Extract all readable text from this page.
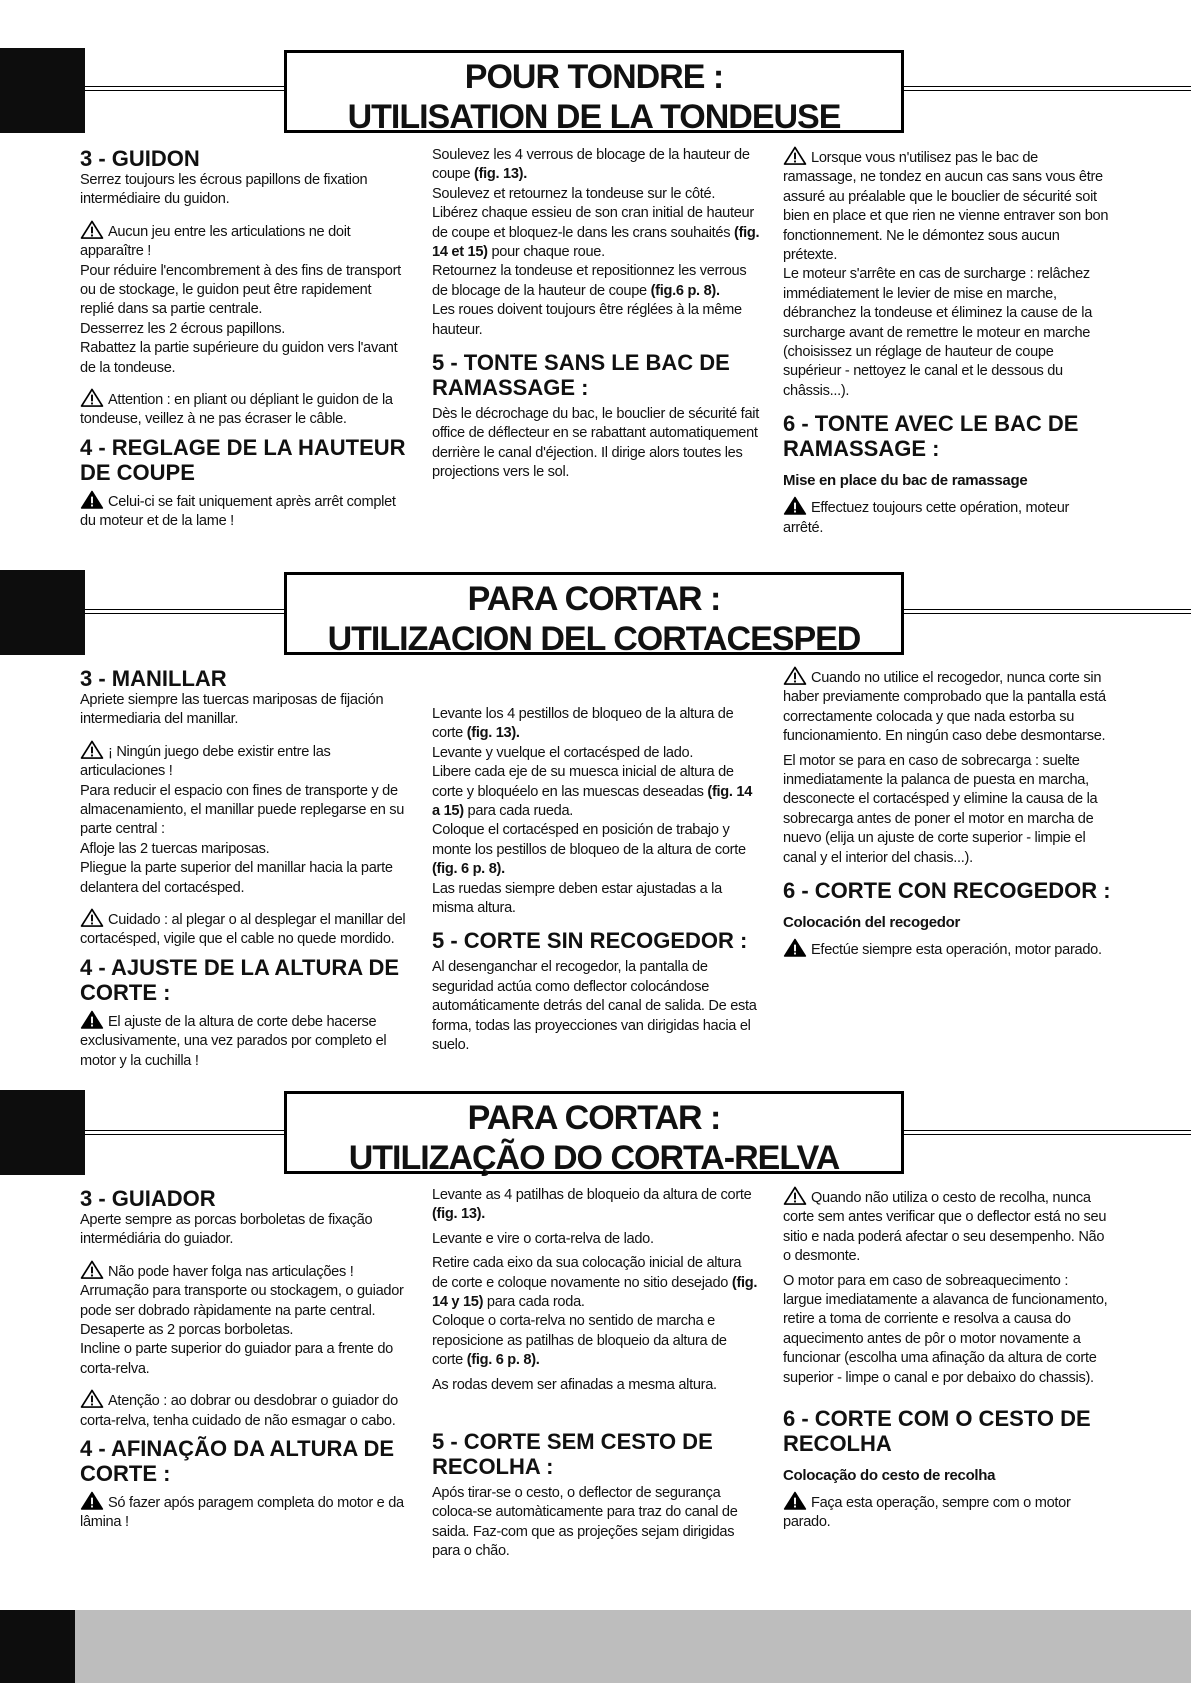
POUR TONDRE :
UTILISATION DE LA TONDEUSE
3 - GUIDON

Serrez toujours les écrous papillons de fixation intermédiaire du guidon.

Aucun jeu entre les articulations ne doit apparaître !

Pour réduire l'encombrement à des fins de transport ou de stockage, le guidon peut être rapidement replié dans sa partie centrale.

Desserrez les 2 écrous papillons.

Rabattez la partie supérieure du guidon vers l'avant de la tondeuse.

Attention : en pliant ou dépliant le guidon de la tondeuse, veillez à ne pas écraser le câble.

4 - REGLAGE DE LA HAUTEUR DE COUPE

Celui-ci se fait uniquement après arrêt complet du moteur et de la lame !

Soulevez les 4 verrous de blocage de la hauteur de coupe (fig. 13).

Soulevez et retournez la tondeuse sur le côté.

Libérez chaque essieu de son cran initial de hauteur de coupe et bloquez-le dans les crans souhaités (fig. 14 et 15) pour chaque roue.

Retournez la tondeuse et repositionnez les verrous de blocage de la hauteur de coupe (fig.6 p. 8).

Les roues doivent toujours être réglées à la même hauteur.

5 - TONTE SANS LE BAC DE RAMASSAGE :

Dès le décrochage du bac, le bouclier de sécurité fait office de déflecteur en se rabattant automatiquement derrière le canal d'éjection. Il dirige alors toutes les projections vers le sol.

Lorsque vous n'utilisez pas le bac de ramassage, ne tondez en aucun cas sans vous être assuré au préalable que le bouclier de sécurité soit bien en place et que rien ne vienne entraver son bon fonctionnement. Ne le démontez sous aucun prétexte.

Le moteur s'arrête en cas de surcharge : relâchez immédiatement le levier de mise en marche, débranchez la tondeuse et éliminez la cause de la surcharge avant de remettre le moteur en marche (choisissez un réglage de hauteur de coupe supérieur - nettoyez le canal et le dessous du châssis...).

6 - TONTE AVEC LE BAC DE RAMASSAGE :
Mise en place du bac de ramassage

Effectuez toujours cette opération, moteur arrêté.

PARA CORTAR :
UTILIZACION DEL CORTACESPED
3 - MANILLAR

Apriete siempre las tuercas mariposas de fijación intermediaria del manillar.

¡ Ningún juego debe existir entre las articulaciones !

Para reducir el espacio con fines de transporte y de almacenamiento, el manillar puede replegarse en su parte central :

Afloje las 2 tuercas mariposas.

Pliegue la parte superior del manillar hacia la parte delantera del cortacésped.

Cuidado : al plegar o al desplegar el manillar del cortacésped, vigile que el cable no quede mordido.

4 - AJUSTE DE LA ALTURA DE CORTE :

El ajuste de la altura de corte debe hacerse exclusivamente, una vez parados por completo el motor y la cuchilla !

Levante los 4 pestillos de bloqueo de la altura de corte (fig. 13).

Levante y vuelque el cortacésped de lado.

Libere cada eje de su muesca inicial de altura de corte y bloquéelo en las muescas deseadas (fig. 14 a 15) para cada rueda.

Coloque el cortacésped en posición de trabajo y monte los pestillos de bloqueo de la altura de corte (fig. 6 p. 8).

Las ruedas siempre deben estar ajustadas a la misma altura.

5 - CORTE SIN RECOGEDOR :

Al desenganchar el recogedor, la pantalla de seguridad actúa como deflector colocándose automáticamente detrás del canal de salida. De esta forma, todas las proyecciones van dirigidas hacia el suelo.

Cuando no utilice el recogedor, nunca corte sin haber previamente comprobado que la pantalla está correctamente colocada y que nada estorba su funcionamiento. En ningún caso debe desmontarse.

El motor se para en caso de sobrecarga : suelte inmediatamente la palanca de puesta en marcha, desconecte el cortacésped y elimine la causa de la sobrecarga antes de poner el motor en marcha de nuevo (elija un ajuste de corte superior - limpie el canal y el interior del chasis...).

6 - CORTE CON RECOGEDOR :
Colocación del recogedor

Efectúe siempre esta operación, motor parado.

PARA CORTAR :
UTILIZAÇÃO DO CORTA-RELVA
3 - GUIADOR

Aperte sempre as porcas borboletas de fixação intermédiária do guiador.

Não pode haver folga nas articulações !

Arrumação para transporte ou stockagem, o guiador pode ser dobrado ràpidamente na parte central.

Desaperte as 2 porcas borboletas.

Incline o parte superior do guiador para a frente do corta-relva.

Atenção : ao dobrar ou desdobrar o guiador do corta-relva, tenha cuidado de não esmagar o cabo.

4 - AFINAÇÃO DA ALTURA DE CORTE :

Só fazer após paragem completa do motor e da lâmina !

Levante as 4 patilhas de bloqueio da altura de corte (fig. 13).

Levante e vire o corta-relva de lado.

Retire cada eixo da sua colocação inicial de altura de corte e coloque novamente no sitio desejado (fig. 14 y 15) para cada roda.

Coloque o corta-relva no sentido de marcha e reposicione as patilhas de bloqueio da altura de corte (fig. 6 p. 8).

As rodas devem ser afinadas a mesma altura.

5 - CORTE SEM CESTO DE RECOLHA :

Após tirar-se o cesto, o deflector de segurança coloca-se automàticamente para traz do canal de saida. Faz-com que as projeções sejam dirigidas para o chão.

Quando não utiliza o cesto de recolha, nunca corte sem antes verificar que o deflector está no seu sitio e nada poderá afectar o seu desempenho. Não o desmonte.

O motor para em caso de sobreaquecimento :

largue imediatamente a alavanca de funcionamento, retire a toma de corriente e resolva a causa do aquecimento antes de pôr o motor novamente a funcionar (escolha uma afinação da altura de corte superior - limpe o canal e por debaixo do chassis).

6 - CORTE COM O CESTO DE RECOLHA
Colocação do cesto de recolha

Faça esta operação, sempre com o motor parado.
